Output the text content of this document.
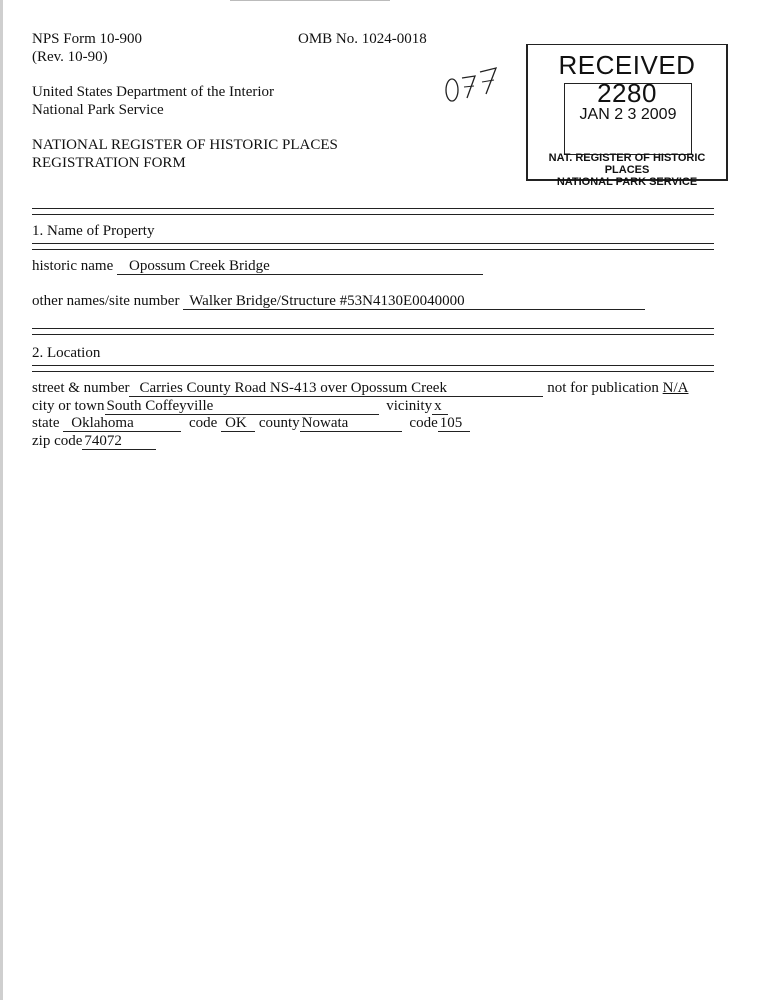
NPS Form 10-900
(Rev. 10-90)
OMB No. 1024-0018
United States Department of the Interior
National Park Service
NATIONAL REGISTER OF HISTORIC PLACES
REGISTRATION FORM
RECEIVED 2280
JAN 2 3 2009
NAT. REGISTER OF HISTORIC PLACES
NATIONAL PARK SERVICE
1. Name of Property
historic name Opossum Creek Bridge
other names/site number Walker Bridge/Structure #53N4130E0040000
2. Location
street & number Carries County Road NS-413 over Opossum Creek	not for publication N/A
city or town South Coffeyville	vicinity x
state Oklahoma	code OK county Nowata	code 105
zip code 74072
